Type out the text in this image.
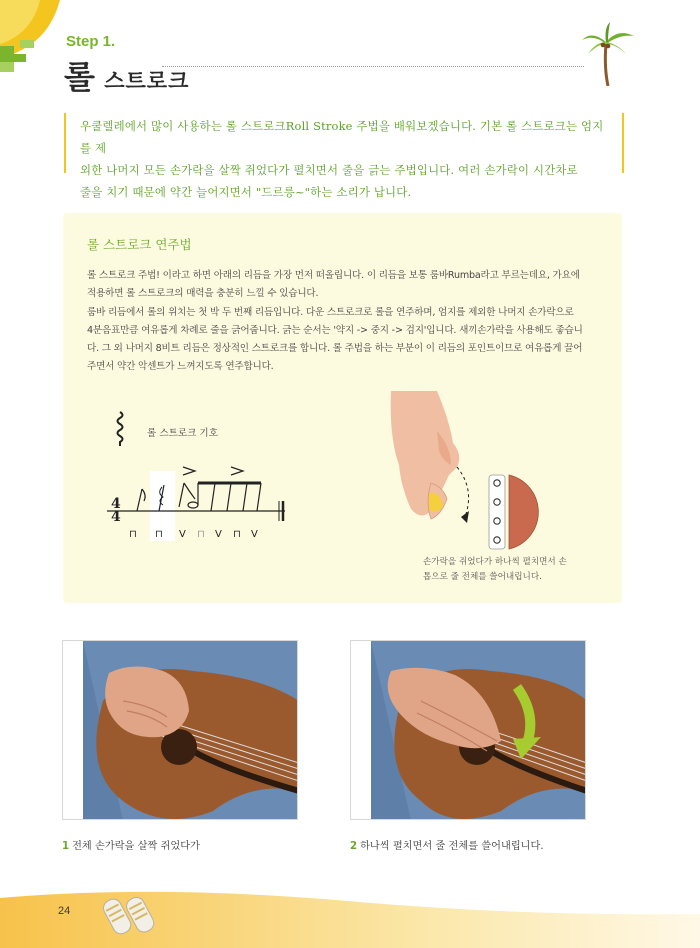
Step 1.
롤 스트로크

우쿨렐레에서 많이 사용하는 롤 스트로크Roll Stroke 주법을 배워보겠습니다. 기본 롤 스트로크는 엄지를 제

외한 나머지 모든 손가락을 살짝 쥐었다가 펼치면서 줄을 긁는 주법입니다. 여러 손가락이 시간차로

줄을 치기 때문에 약간 늘어지면서 "드르릉~"하는 소리가 납니다.

롤 스트로크 연주법

롤 스트로크 주법! 이라고 하면 아래의 리듬을 가장 먼저 떠올립니다. 이 리듬을 보통 룸바Rumba라고 부르는데요, 가요에

적용하면 롤 스트로크의 매력을 충분히 느낄 수 있습니다.

룸바 리듬에서 롤의 위치는 첫 박 두 번째 리듬입니다. 다운 스트로크로 롤을 연주하며, 엄지를 제외한 나머지 손가락으로

4분음표만큼 여유롭게 차례로 줄을 긁어줍니다. 긁는 순서는 '약지 -> 중지 -> 검지'입니다. 새끼손가락을 사용해도 좋습니

다. 그 외 나머지 8비트 리듬은 정상적인 스트로크를 합니다. 롤 주법을 하는 부분이 이 리듬의 포인트이므로 여유롭게 끌어

주면서 약간 악센트가 느껴지도록 연주합니다.

롤 스트로크 기호
4
4
⊓ ⊓ V ⊓ V ⊓ V
손가락을 쥐었다가 하나씩 펼치면서 손
톱으로 줄 전체를 쓸어내립니다.
1 전체 손가락을 살짝 쥐었다가	2 하나씩 펼치면서 줄 전체를 쓸어내립니다.
24
